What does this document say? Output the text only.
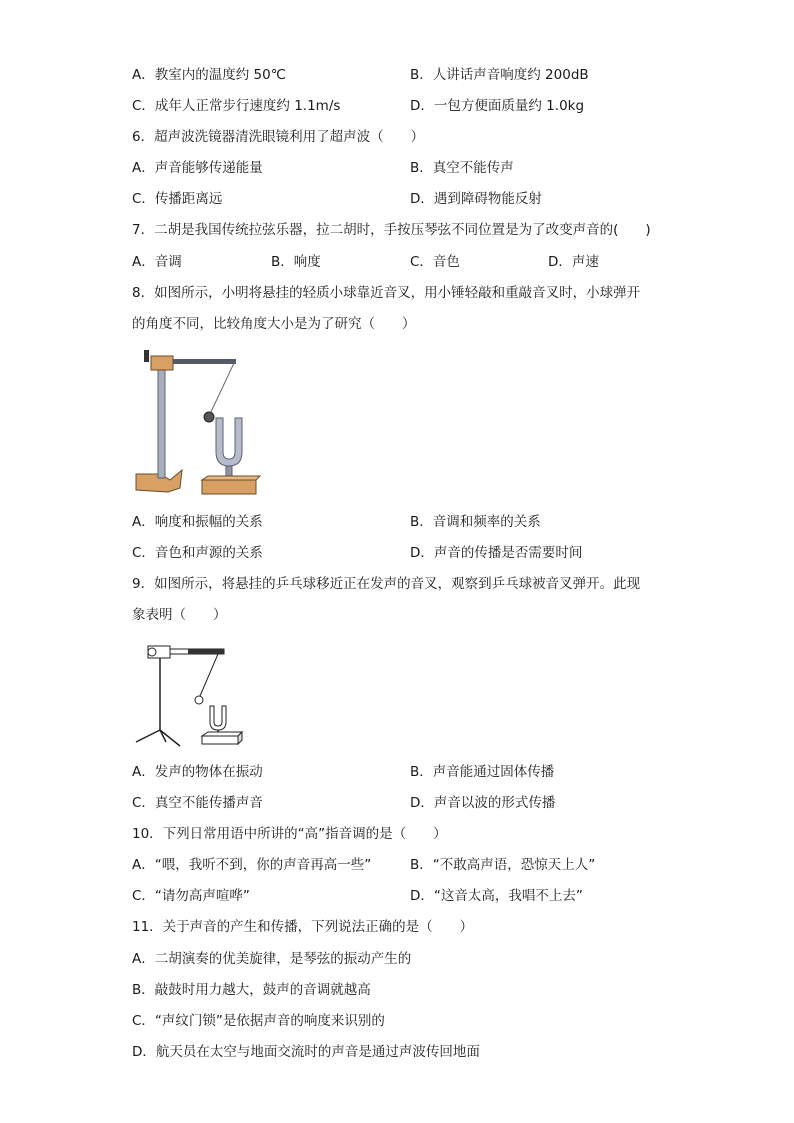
A．教室内的温度约 50℃	B．人讲话声音响度约 200dB
C．成年人正常步行速度约 1.1m/s	D．一包方便面质量约 1.0kg
6．超声波洗镜器清洗眼镜利用了超声波（　　）
A．声音能够传递能量	B．真空不能传声
C．传播距离远	D．遇到障碍物能反射
7．二胡是我国传统拉弦乐器，拉二胡时，手按压琴弦不同位置是为了改变声音的(　　)
A．音调	B．响度	C．音色	D．声速
8．如图所示，小明将悬挂的轻质小球靠近音叉，用小锤轻敲和重敲音叉时，小球弹开
的角度不同，比较角度大小是为了研究（　　）
A．响度和振幅的关系	B．音调和频率的关系
C．音色和声源的关系	D．声音的传播是否需要时间
9．如图所示，将悬挂的乒乓球移近正在发声的音叉，观察到乒乓球被音叉弹开。此现
象表明（　　）
A．发声的物体在振动	B．声音能通过固体传播
C．真空不能传播声音	D．声音以波的形式传播
10．下列日常用语中所讲的“高”指音调的是（　　）
A．“喂，我听不到，你的声音再高一些”	B．“不敢高声语，恐惊天上人”
C．“请勿高声喧哗”	D．“这音太高，我唱不上去”
11．关于声音的产生和传播，下列说法正确的是（　　）
A．二胡演奏的优美旋律，是琴弦的振动产生的
B．敲鼓时用力越大，鼓声的音调就越高
C．“声纹门锁”是依据声音的响度来识别的
D．航天员在太空与地面交流时的声音是通过声波传回地面
